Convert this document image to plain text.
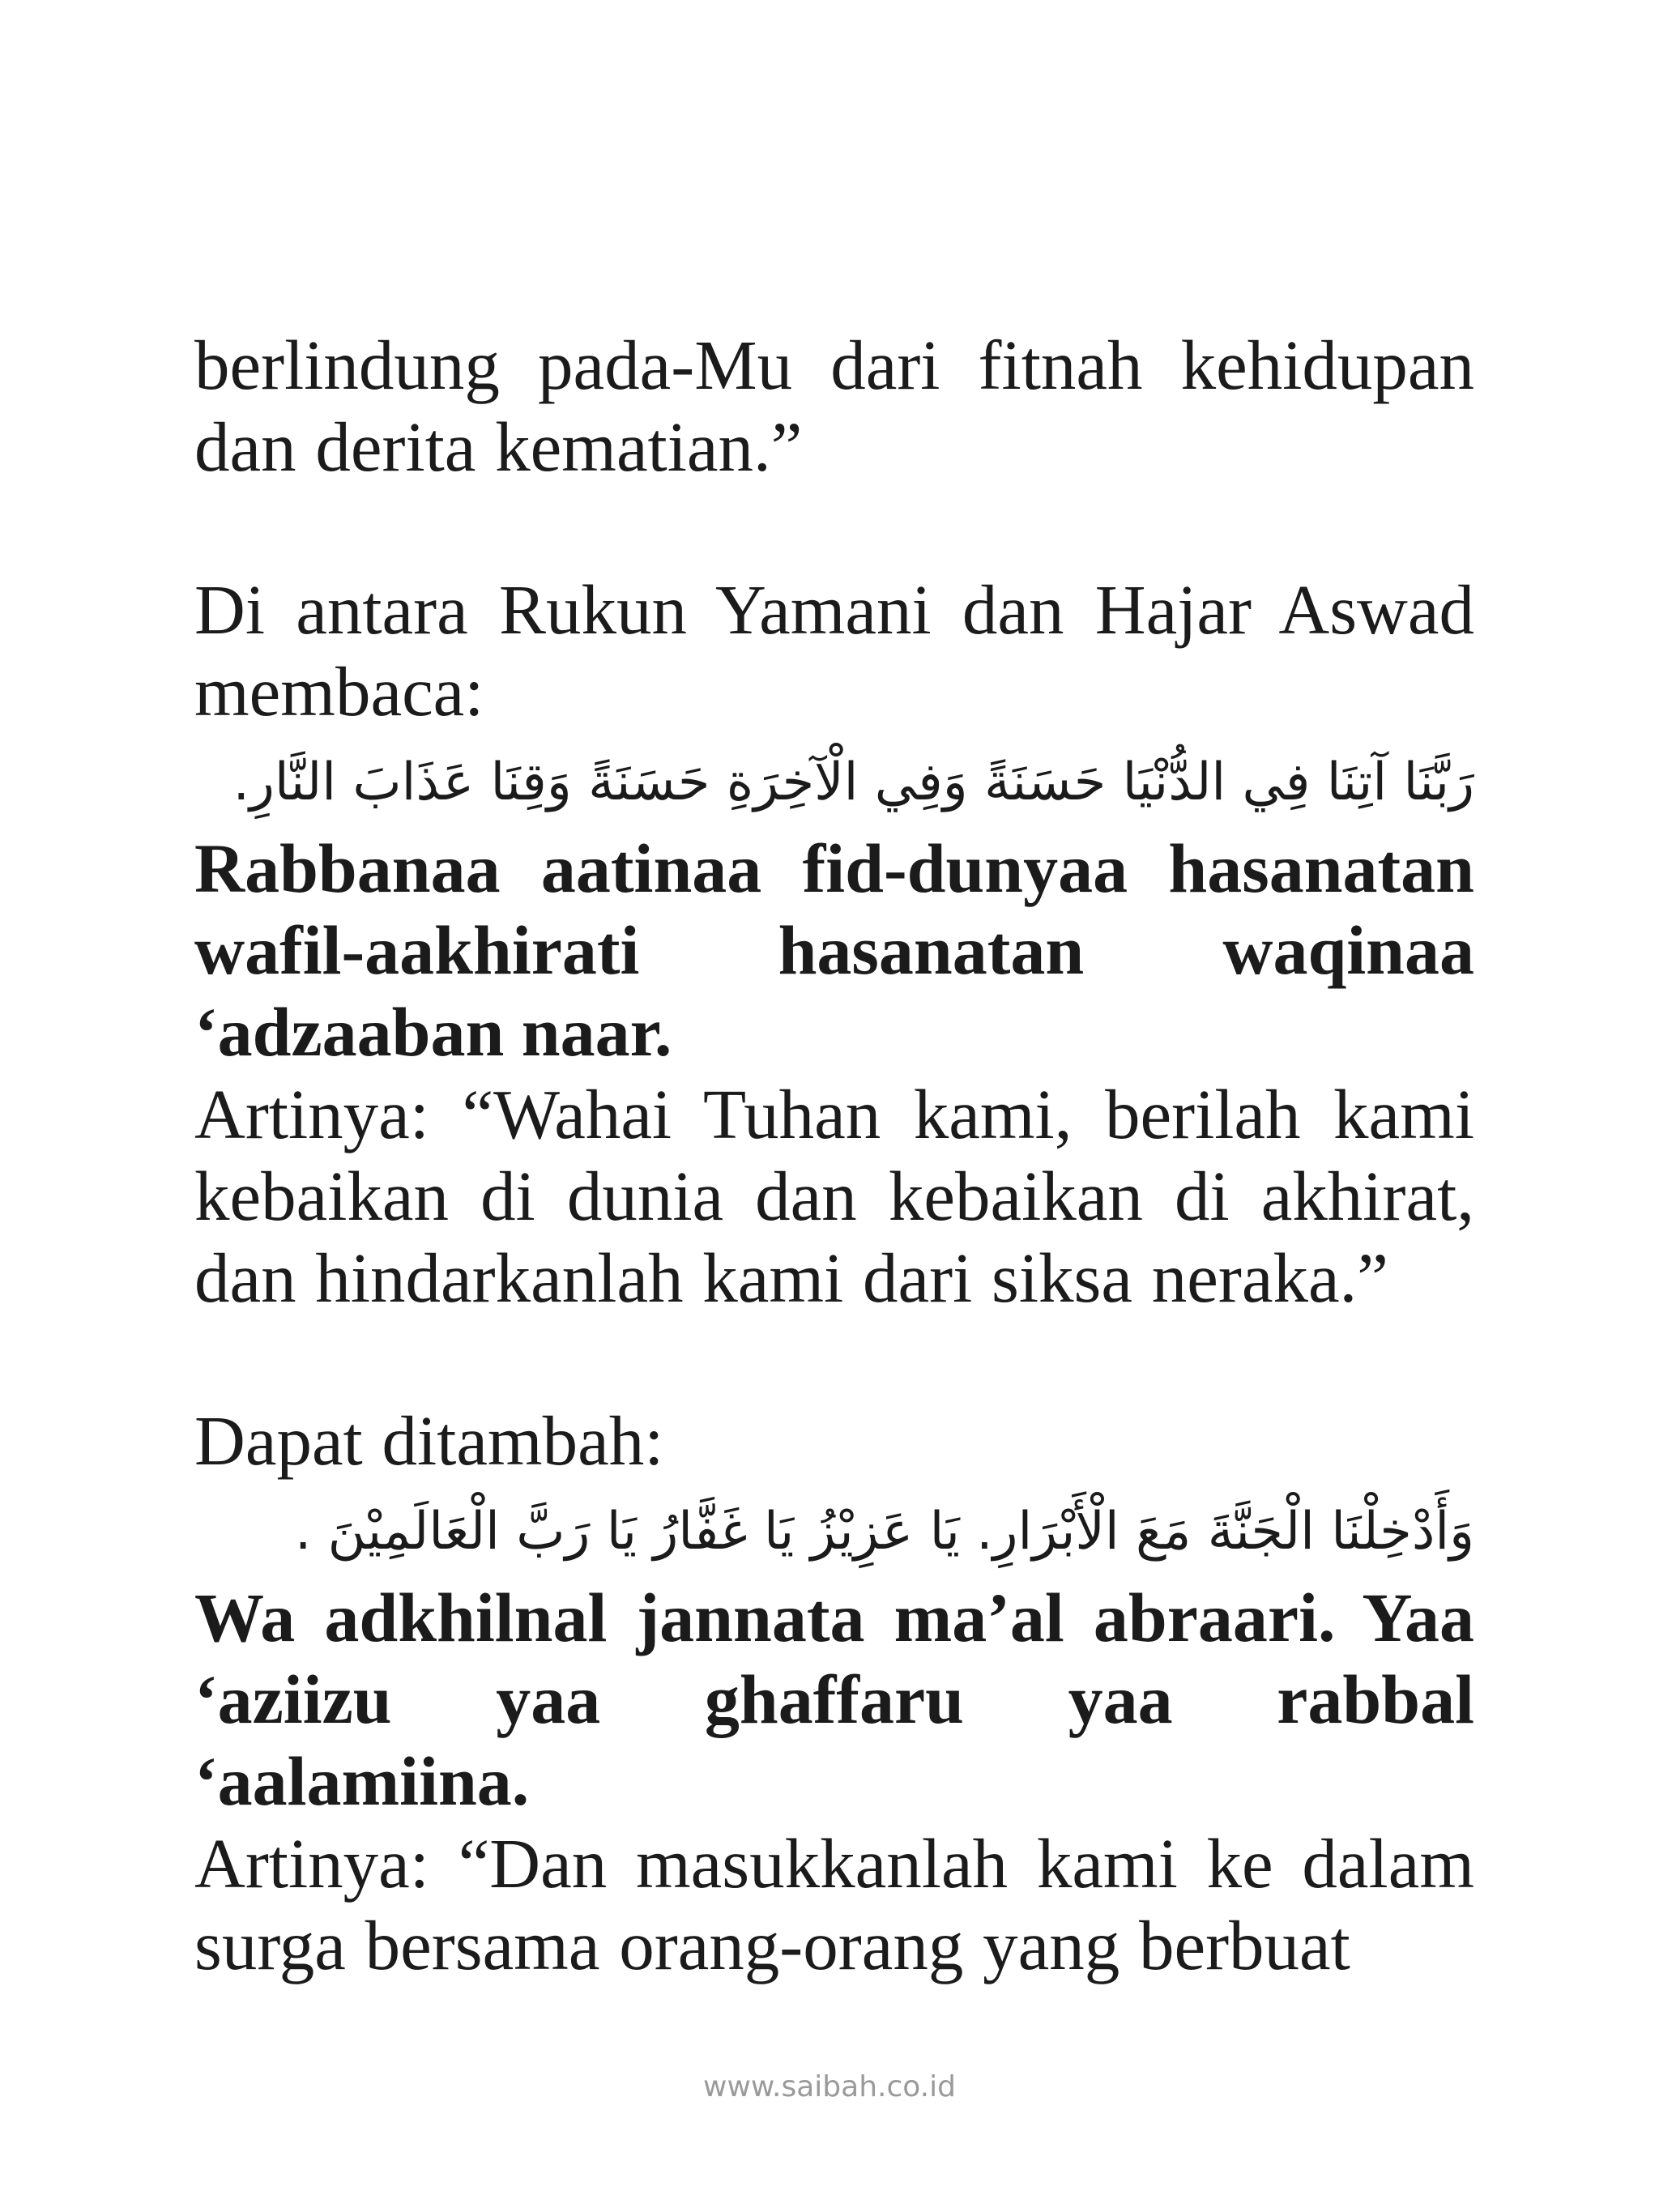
berlindung pada-Mu dari fitnah kehidupan dan derita kematian.”

Di antara Rukun Yamani dan Hajar Aswad membaca:

رَبَّنَا آتِنَا فِي الدُّنْيَا حَسَنَةً وَفِي الْآخِرَةِ حَسَنَةً وَقِنَا عَذَابَ النَّارِ.

Rabbanaa aatinaa fid-dunyaa hasanatan wafil-aakhirati hasanatan waqinaa ‘adzaaban naar.

Artinya: “Wahai Tuhan kami, berilah kami kebaikan di dunia dan kebaikan di akhirat, dan hindarkanlah kami dari siksa neraka.”

Dapat ditambah:

وَأَدْخِلْنَا الْجَنَّةَ مَعَ الْأَبْرَارِ. يَا عَزِيْزُ يَا غَفَّارُ يَا رَبَّ الْعَالَمِيْنَ .

Wa adkhilnal jannata ma’al abraari. Yaa ‘aziizu yaa ghaffaru yaa rabbal ‘aalamiina.

Artinya: “Dan masukkanlah kami ke dalam surga bersama orang-orang yang berbuat

www.saibah.co.id
